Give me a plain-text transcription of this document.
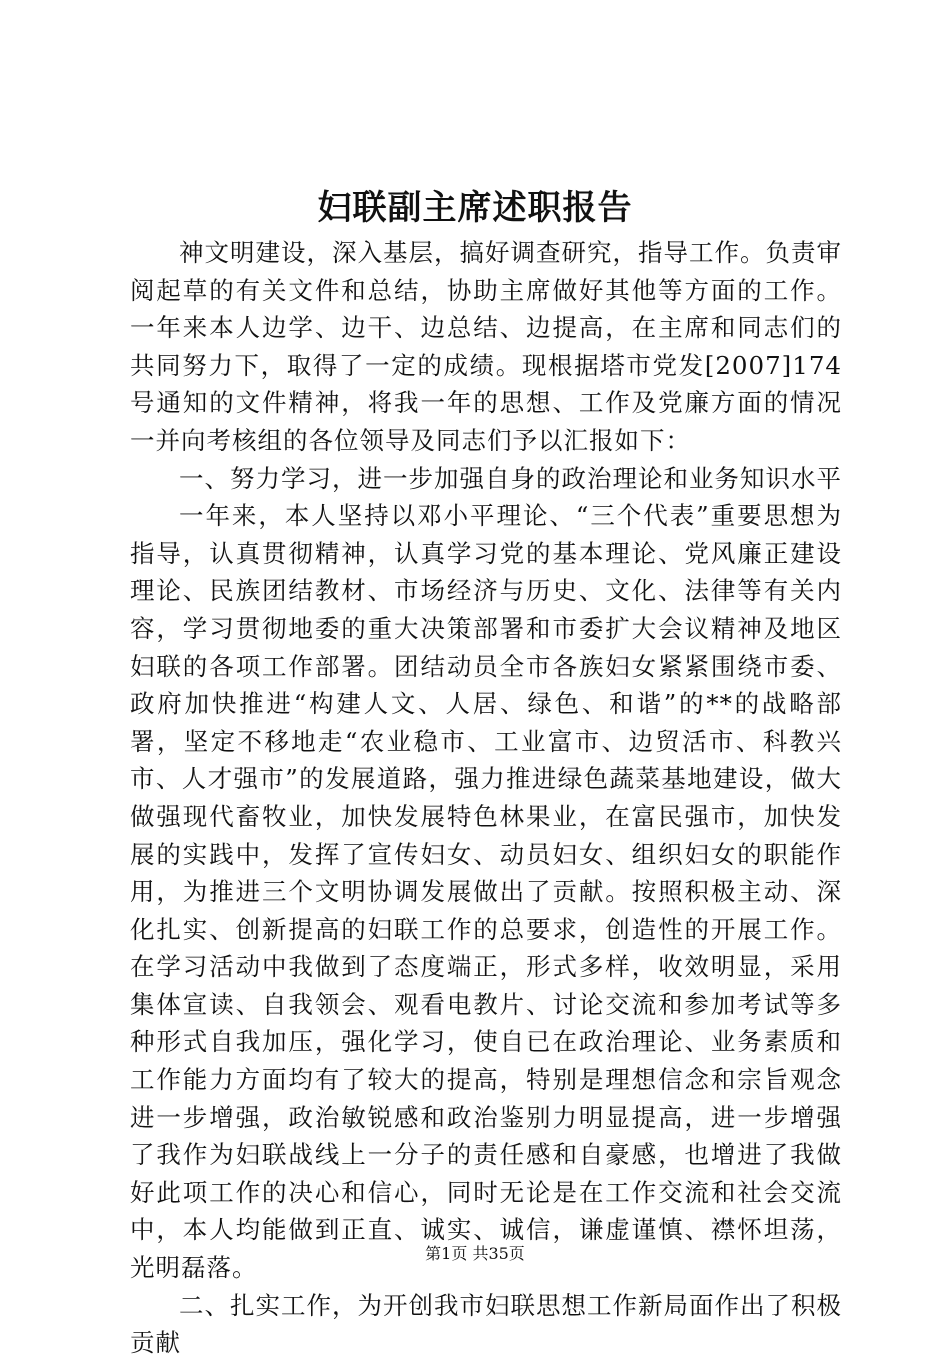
妇联副主席述职报告

神文明建设，深入基层，搞好调查研究，指导工作。负责审阅起草的有关文件和总结，协助主席做好其他等方面的工作。一年来本人边学、边干、边总结、边提高，在主席和同志们的共同努力下，取得了一定的成绩。现根据塔市党发[2007]174号通知的文件精神，将我一年的思想、工作及党廉方面的情况一并向考核组的各位领导及同志们予以汇报如下：

一、努力学习，进一步加强自身的政治理论和业务知识水平

一年来，本人坚持以邓小平理论、“三个代表”重要思想为指导，认真贯彻精神，认真学习党的基本理论、党风廉正建设理论、民族团结教材、市场经济与历史、文化、法律等有关内容，学习贯彻地委的重大决策部署和市委扩大会议精神及地区妇联的各项工作部署。团结动员全市各族妇女紧紧围绕市委、政府加快推进“构建人文、人居、绿色、和谐”的**的战略部署，坚定不移地走“农业稳市、工业富市、边贸活市、科教兴市、人才强市”的发展道路，强力推进绿色蔬菜基地建设，做大做强现代畜牧业，加快发展特色林果业，在富民强市，加快发展的实践中，发挥了宣传妇女、动员妇女、组织妇女的职能作用，为推进三个文明协调发展做出了贡献。按照积极主动、深化扎实、创新提高的妇联工作的总要求，创造性的开展工作。在学习活动中我做到了态度端正，形式多样，收效明显，采用集体宣读、自我领会、观看电教片、讨论交流和参加考试等多种形式自我加压，强化学习，使自已在政治理论、业务素质和工作能力方面均有了较大的提高，特别是理想信念和宗旨观念进一步增强，政治敏锐感和政治鉴别力明显提高，进一步增强了我作为妇联战线上一分子的责任感和自豪感，也增进了我做好此项工作的决心和信心，同时无论是在工作交流和社会交流中，本人均能做到正直、诚实、诚信，谦虚谨慎、襟怀坦荡，光明磊落。

二、扎实工作，为开创我市妇联思想工作新局面作出了积极贡献

第1页 共35页
